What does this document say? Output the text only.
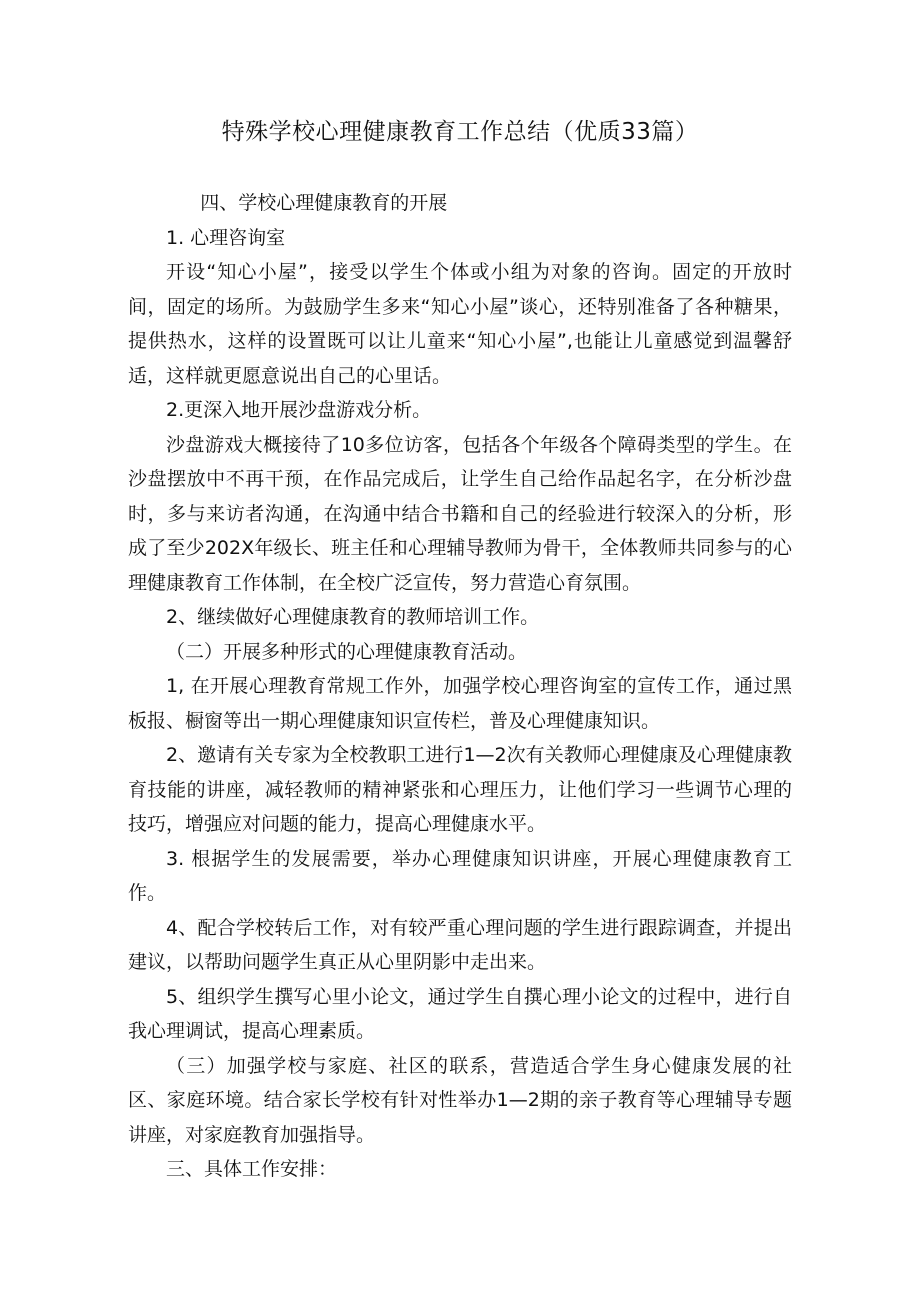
特殊学校心理健康教育工作总结（优质33篇）

四、学校心理健康教育的开展

1. 心理咨询室

开设“知心小屋”，接受以学生个体或小组为对象的咨询。固定的开放时间，固定的场所。为鼓励学生多来“知心小屋”谈心，还特别准备了各种糖果，提供热水，这样的设置既可以让儿童来“知心小屋”,也能让儿童感觉到温馨舒适，这样就更愿意说出自己的心里话。

2.更深入地开展沙盘游戏分析。

沙盘游戏大概接待了10多位访客，包括各个年级各个障碍类型的学生。在沙盘摆放中不再干预，在作品完成后，让学生自己给作品起名字，在分析沙盘时，多与来访者沟通，在沟通中结合书籍和自己的经验进行较深入的分析，形成了至少202X年级长、班主任和心理辅导教师为骨干，全体教师共同参与的心理健康教育工作体制，在全校广泛宣传，努力营造心育氛围。

2、继续做好心理健康教育的教师培训工作。

（二）开展多种形式的心理健康教育活动。

1, 在开展心理教育常规工作外，加强学校心理咨询室的宣传工作，通过黑板报、橱窗等出一期心理健康知识宣传栏，普及心理健康知识。

2、邀请有关专家为全校教职工进行1—2次有关教师心理健康及心理健康教育技能的讲座，减轻教师的精神紧张和心理压力，让他们学习一些调节心理的技巧，增强应对问题的能力，提高心理健康水平。

3. 根据学生的发展需要，举办心理健康知识讲座，开展心理健康教育工作。

4、配合学校转后工作，对有较严重心理问题的学生进行跟踪调查，并提出建议，以帮助问题学生真正从心里阴影中走出来。

5、组织学生撰写心里小论文，通过学生自撰心理小论文的过程中，进行自我心理调试，提高心理素质。

（三）加强学校与家庭、社区的联系，营造适合学生身心健康发展的社区、家庭环境。结合家长学校有针对性举办1—2期的亲子教育等心理辅导专题讲座，对家庭教育加强指导。

三、具体工作安排：
